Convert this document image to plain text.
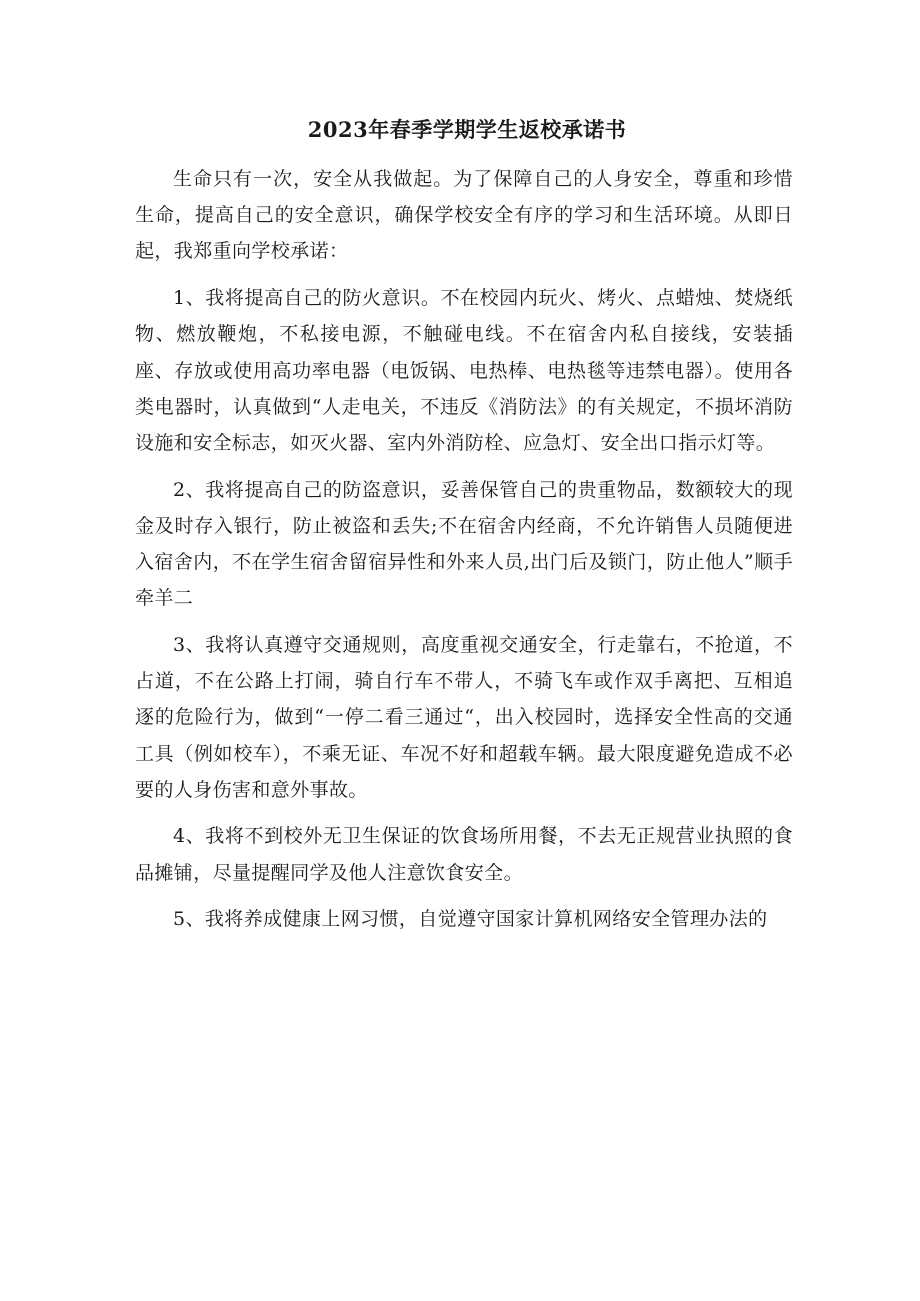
2023年春季学期学生返校承诺书

生命只有一次，安全从我做起。为了保障自己的人身安全，尊重和珍惜生命，提高自己的安全意识，确保学校安全有序的学习和生活环境。从即日起，我郑重向学校承诺：

1、我将提高自己的防火意识。不在校园内玩火、烤火、点蜡烛、焚烧纸物、燃放鞭炮，不私接电源，不触碰电线。不在宿舍内私自接线，安装插座、存放或使用高功率电器（电饭锅、电热棒、电热毯等违禁电器）。使用各类电器时，认真做到“人走电关，不违反《消防法》的有关规定，不损坏消防设施和安全标志，如灭火器、室内外消防栓、应急灯、安全出口指示灯等。

2、我将提高自己的防盗意识，妥善保管自己的贵重物品，数额较大的现金及时存入银行，防止被盗和丢失;不在宿舍内经商，不允许销售人员随便进入宿舍内，不在学生宿舍留宿异性和外来人员,出门后及锁门，防止他人”顺手牵羊二

3、我将认真遵守交通规则，高度重视交通安全，行走靠右，不抢道，不占道，不在公路上打闹，骑自行车不带人，不骑飞车或作双手离把、互相追逐的危险行为，做到“一停二看三通过“，出入校园时，选择安全性高的交通工具（例如校车），不乘无证、车况不好和超载车辆。最大限度避免造成不必要的人身伤害和意外事故。

4、我将不到校外无卫生保证的饮食场所用餐，不去无正规营业执照的食品摊铺，尽量提醒同学及他人注意饮食安全。

5、我将养成健康上网习惯，自觉遵守国家计算机网络安全管理办法的
